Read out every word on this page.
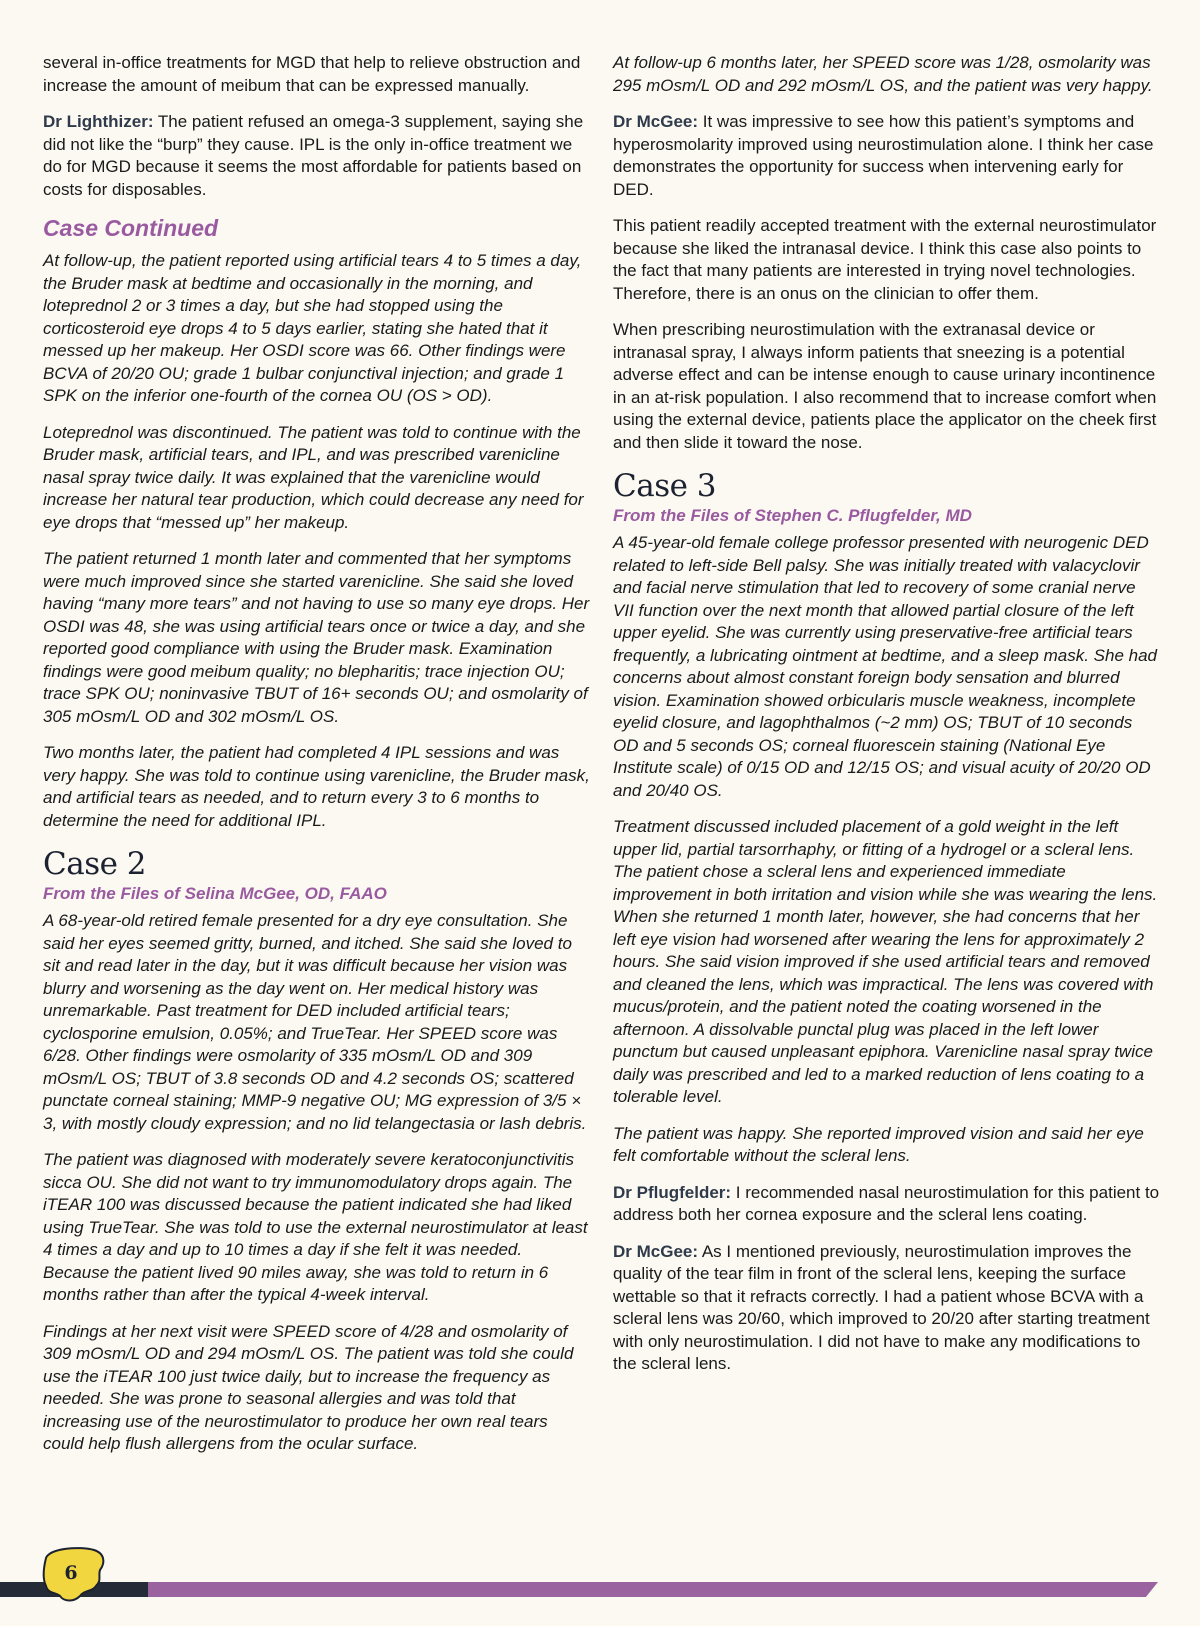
several in-office treatments for MGD that help to relieve obstruction and increase the amount of meibum that can be expressed manually.

Dr Lighthizer: The patient refused an omega-3 supplement, saying she did not like the “burp” they cause. IPL is the only in-office treatment we do for MGD because it seems the most affordable for patients based on costs for disposables.

Case Continued

At follow-up, the patient reported using artificial tears 4 to 5 times a day, the Bruder mask at bedtime and occasionally in the morning, and loteprednol 2 or 3 times a day, but she had stopped using the corticosteroid eye drops 4 to 5 days earlier, stating she hated that it messed up her makeup. Her OSDI score was 66. Other findings were BCVA of 20/20 OU; grade 1 bulbar conjunctival injection; and grade 1 SPK on the inferior one-fourth of the cornea OU (OS > OD).

Loteprednol was discontinued. The patient was told to continue with the Bruder mask, artificial tears, and IPL, and was prescribed varenicline nasal spray twice daily. It was explained that the varenicline would increase her natural tear production, which could decrease any need for eye drops that “messed up” her makeup.

The patient returned 1 month later and commented that her symptoms were much improved since she started varenicline. She said she loved having “many more tears” and not having to use so many eye drops. Her OSDI was 48, she was using artificial tears once or twice a day, and she reported good compliance with using the Bruder mask. Examination findings were good meibum quality; no blepharitis; trace injection OU; trace SPK OU; noninvasive TBUT of 16+ seconds OU; and osmolarity of 305 mOsm/L OD and 302 mOsm/L OS.

Two months later, the patient had completed 4 IPL sessions and was very happy. She was told to continue using varenicline, the Bruder mask, and artificial tears as needed, and to return every 3 to 6 months to determine the need for additional IPL.

Case 2
From the Files of Selina McGee, OD, FAAO

A 68-year-old retired female presented for a dry eye consultation. She said her eyes seemed gritty, burned, and itched. She said she loved to sit and read later in the day, but it was difficult because her vision was blurry and worsening as the day went on. Her medical history was unremarkable. Past treatment for DED included artificial tears; cyclosporine emulsion, 0.05%; and TrueTear. Her SPEED score was 6/28. Other findings were osmolarity of 335 mOsm/L OD and 309 mOsm/L OS; TBUT of 3.8 seconds OD and 4.2 seconds OS; scattered punctate corneal staining; MMP-9 negative OU; MG expression of 3/5 × 3, with mostly cloudy expression; and no lid telangectasia or lash debris.

The patient was diagnosed with moderately severe keratoconjunctivitis sicca OU. She did not want to try immunomodulatory drops again. The iTEAR 100 was discussed because the patient indicated she had liked using TrueTear. She was told to use the external neurostimulator at least 4 times a day and up to 10 times a day if she felt it was needed. Because the patient lived 90 miles away, she was told to return in 6 months rather than after the typical 4-week interval.

Findings at her next visit were SPEED score of 4/28 and osmolarity of 309 mOsm/L OD and 294 mOsm/L OS. The patient was told she could use the iTEAR 100 just twice daily, but to increase the frequency as needed. She was prone to seasonal allergies and was told that increasing use of the neurostimulator to produce her own real tears could help flush allergens from the ocular surface.

At follow-up 6 months later, her SPEED score was 1/28, osmolarity was 295 mOsm/L OD and 292 mOsm/L OS, and the patient was very happy.

Dr McGee: It was impressive to see how this patient’s symptoms and hyperosmolarity improved using neurostimulation alone. I think her case demonstrates the opportunity for success when intervening early for DED.

This patient readily accepted treatment with the external neurostimulator because she liked the intranasal device. I think this case also points to the fact that many patients are interested in trying novel technologies. Therefore, there is an onus on the clinician to offer them.

When prescribing neurostimulation with the extranasal device or intranasal spray, I always inform patients that sneezing is a potential adverse effect and can be intense enough to cause urinary incontinence in an at-risk population. I also recommend that to increase comfort when using the external device, patients place the applicator on the cheek first and then slide it toward the nose.

Case 3
From the Files of Stephen C. Pflugfelder, MD

A 45-year-old female college professor presented with neurogenic DED related to left-side Bell palsy. She was initially treated with valacyclovir and facial nerve stimulation that led to recovery of some cranial nerve VII function over the next month that allowed partial closure of the left upper eyelid. She was currently using preservative-free artificial tears frequently, a lubricating ointment at bedtime, and a sleep mask. She had concerns about almost constant foreign body sensation and blurred vision. Examination showed orbicularis muscle weakness, incomplete eyelid closure, and lagophthalmos (~2 mm) OS; TBUT of 10 seconds OD and 5 seconds OS; corneal fluorescein staining (National Eye Institute scale) of 0/15 OD and 12/15 OS; and visual acuity of 20/20 OD and 20/40 OS.

Treatment discussed included placement of a gold weight in the left upper lid, partial tarsorrhaphy, or fitting of a hydrogel or a scleral lens. The patient chose a scleral lens and experienced immediate improvement in both irritation and vision while she was wearing the lens. When she returned 1 month later, however, she had concerns that her left eye vision had worsened after wearing the lens for approximately 2 hours. She said vision improved if she used artificial tears and removed and cleaned the lens, which was impractical. The lens was covered with mucus/protein, and the patient noted the coating worsened in the afternoon. A dissolvable punctal plug was placed in the left lower punctum but caused unpleasant epiphora. Varenicline nasal spray twice daily was prescribed and led to a marked reduction of lens coating to a tolerable level.

The patient was happy. She reported improved vision and said her eye felt comfortable without the scleral lens.

Dr Pflugfelder: I recommended nasal neurostimulation for this patient to address both her cornea exposure and the scleral lens coating.

Dr McGee: As I mentioned previously, neurostimulation improves the quality of the tear film in front of the scleral lens, keeping the surface wettable so that it refracts correctly. I had a patient whose BCVA with a scleral lens was 20/60, which improved to 20/20 after starting treatment with only neurostimulation. I did not have to make any modifications to the scleral lens.

6
